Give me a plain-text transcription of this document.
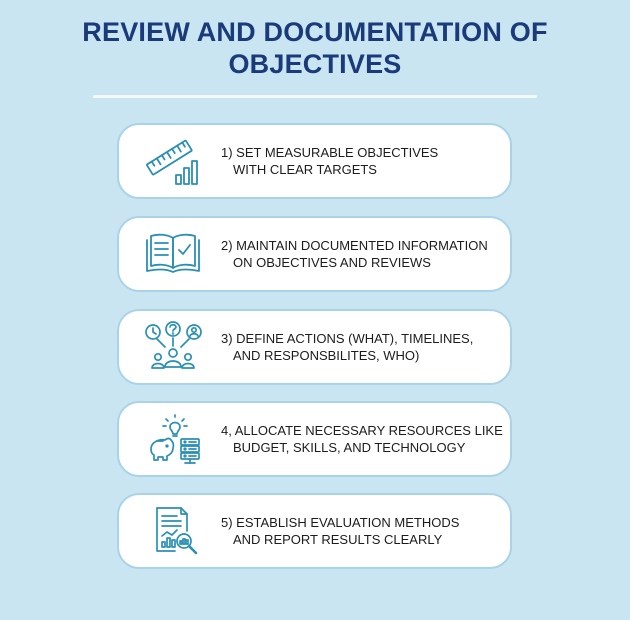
REVIEW AND DOCUMENTATION OF
OBJECTIVES
1) SET MEASURABLE OBJECTIVES
WITH CLEAR TARGETS
2) MAINTAIN DOCUMENTED INFORMATION
ON OBJECTIVES AND REVIEWS
3) DEFINE ACTIONS (WHAT), TIMELINES,
AND RESPONSBILITES, WHO)
4, ALLOCATE NECESSARY RESOURCES LIKE
BUDGET, SKILLS, AND TECHNOLOGY
5) ESTABLISH EVALUATION METHODS
AND REPORT RESULTS CLEARLY
